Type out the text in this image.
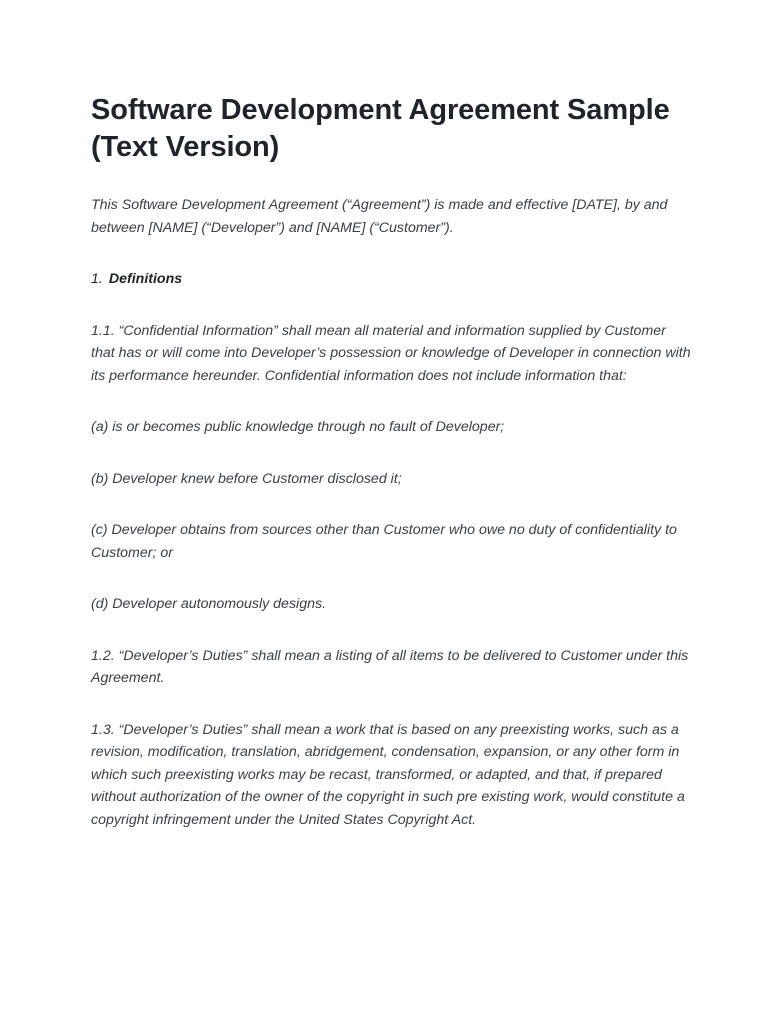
Software Development Agreement Sample (Text Version)

This Software Development Agreement (“Agreement”) is made and effective [DATE], by and between [NAME] (“Developer”) and [NAME] (“Customer”).

1. Definitions

1.1. “Confidential Information” shall mean all material and information supplied by Customer that has or will come into Developer’s possession or knowledge of Developer in connection with its performance hereunder. Confidential information does not include information that:

(a) is or becomes public knowledge through no fault of Developer;

(b) Developer knew before Customer disclosed it;

(c) Developer obtains from sources other than Customer who owe no duty of confidentiality to Customer; or

(d) Developer autonomously designs.

1.2. “Developer’s Duties” shall mean a listing of all items to be delivered to Customer under this Agreement.

1.3. “Developer’s Duties” shall mean a work that is based on any preexisting works, such as a revision, modification, translation, abridgement, condensation, expansion, or any other form in which such preexisting works may be recast, transformed, or adapted, and that, if prepared without authorization of the owner of the copyright in such pre existing work, would constitute a copyright infringement under the United States Copyright Act.
